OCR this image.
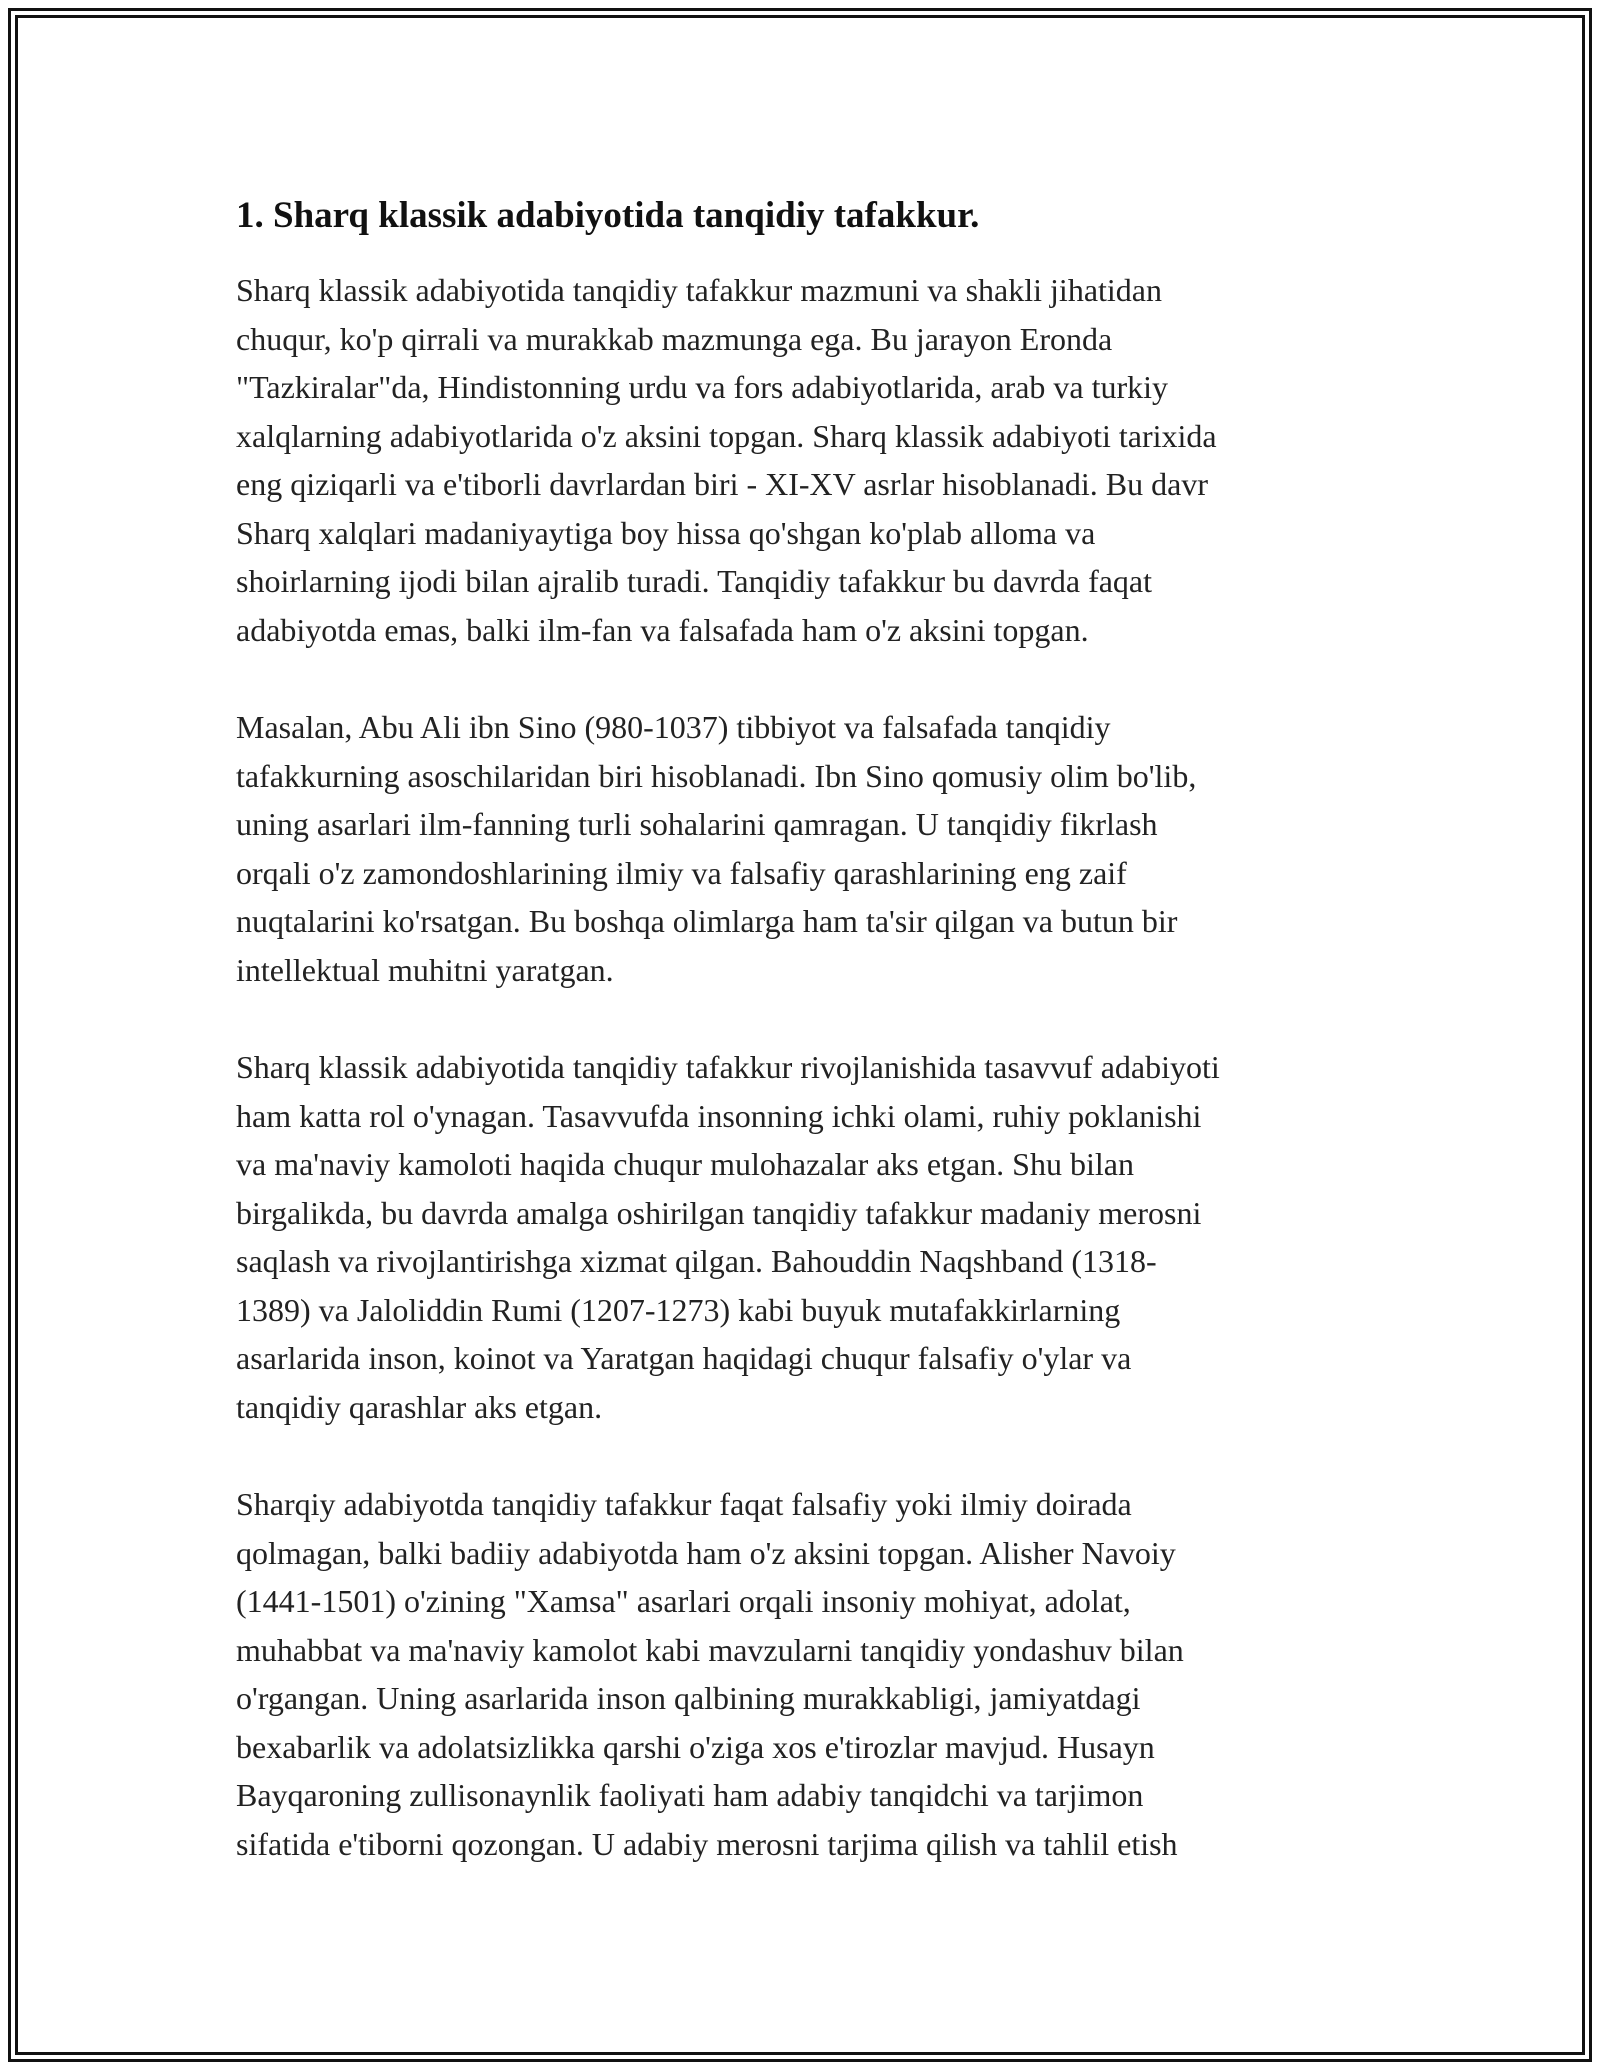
1. Sharq klassik adabiyotida tanqidiy tafakkur.

Sharq klassik adabiyotida tanqidiy tafakkur mazmuni va shakli jihatidan
chuqur, ko'p qirrali va murakkab mazmunga ega. Bu jarayon Eronda
"Tazkiralar"da, Hindistonning urdu va fors adabiyotlarida, arab va turkiy
xalqlarning adabiyotlarida o'z aksini topgan. Sharq klassik adabiyoti tarixida
eng qiziqarli va e'tiborli davrlardan biri - XI-XV asrlar hisoblanadi. Bu davr
Sharq xalqlari madaniyaytiga boy hissa qo'shgan ko'plab alloma va
shoirlarning ijodi bilan ajralib turadi. Tanqidiy tafakkur bu davrda faqat
adabiyotda emas, balki ilm-fan va falsafada ham o'z aksini topgan.

Masalan, Abu Ali ibn Sino (980-1037) tibbiyot va falsafada tanqidiy
tafakkurning asoschilaridan biri hisoblanadi. Ibn Sino qomusiy olim bo'lib,
uning asarlari ilm-fanning turli sohalarini qamragan. U tanqidiy fikrlash
orqali o'z zamondoshlarining ilmiy va falsafiy qarashlarining eng zaif
nuqtalarini ko'rsatgan. Bu boshqa olimlarga ham ta'sir qilgan va butun bir
intellektual muhitni yaratgan.

Sharq klassik adabiyotida tanqidiy tafakkur rivojlanishida tasavvuf adabiyoti
ham katta rol o'ynagan. Tasavvufda insonning ichki olami, ruhiy poklanishi
va ma'naviy kamoloti haqida chuqur mulohazalar aks etgan. Shu bilan
birgalikda, bu davrda amalga oshirilgan tanqidiy tafakkur madaniy merosni
saqlash va rivojlantirishga xizmat qilgan. Bahouddin Naqshband (1318-
1389) va Jaloliddin Rumi (1207-1273) kabi buyuk mutafakkirlarning
asarlarida inson, koinot va Yaratgan haqidagi chuqur falsafiy o'ylar va
tanqidiy qarashlar aks etgan.

Sharqiy adabiyotda tanqidiy tafakkur faqat falsafiy yoki ilmiy doirada
qolmagan, balki badiiy adabiyotda ham o'z aksini topgan. Alisher Navoiy
(1441-1501) o'zining "Xamsa" asarlari orqali insoniy mohiyat, adolat,
muhabbat va ma'naviy kamolot kabi mavzularni tanqidiy yondashuv bilan
o'rgangan. Uning asarlarida inson qalbining murakkabligi, jamiyatdagi
bexabarlik va adolatsizlikka qarshi o'ziga xos e'tirozlar mavjud. Husayn
Bayqaroning zullisonaynlik faoliyati ham adabiy tanqidchi va tarjimon
sifatida e'tiborni qozongan. U adabiy merosni tarjima qilish va tahlil etish
